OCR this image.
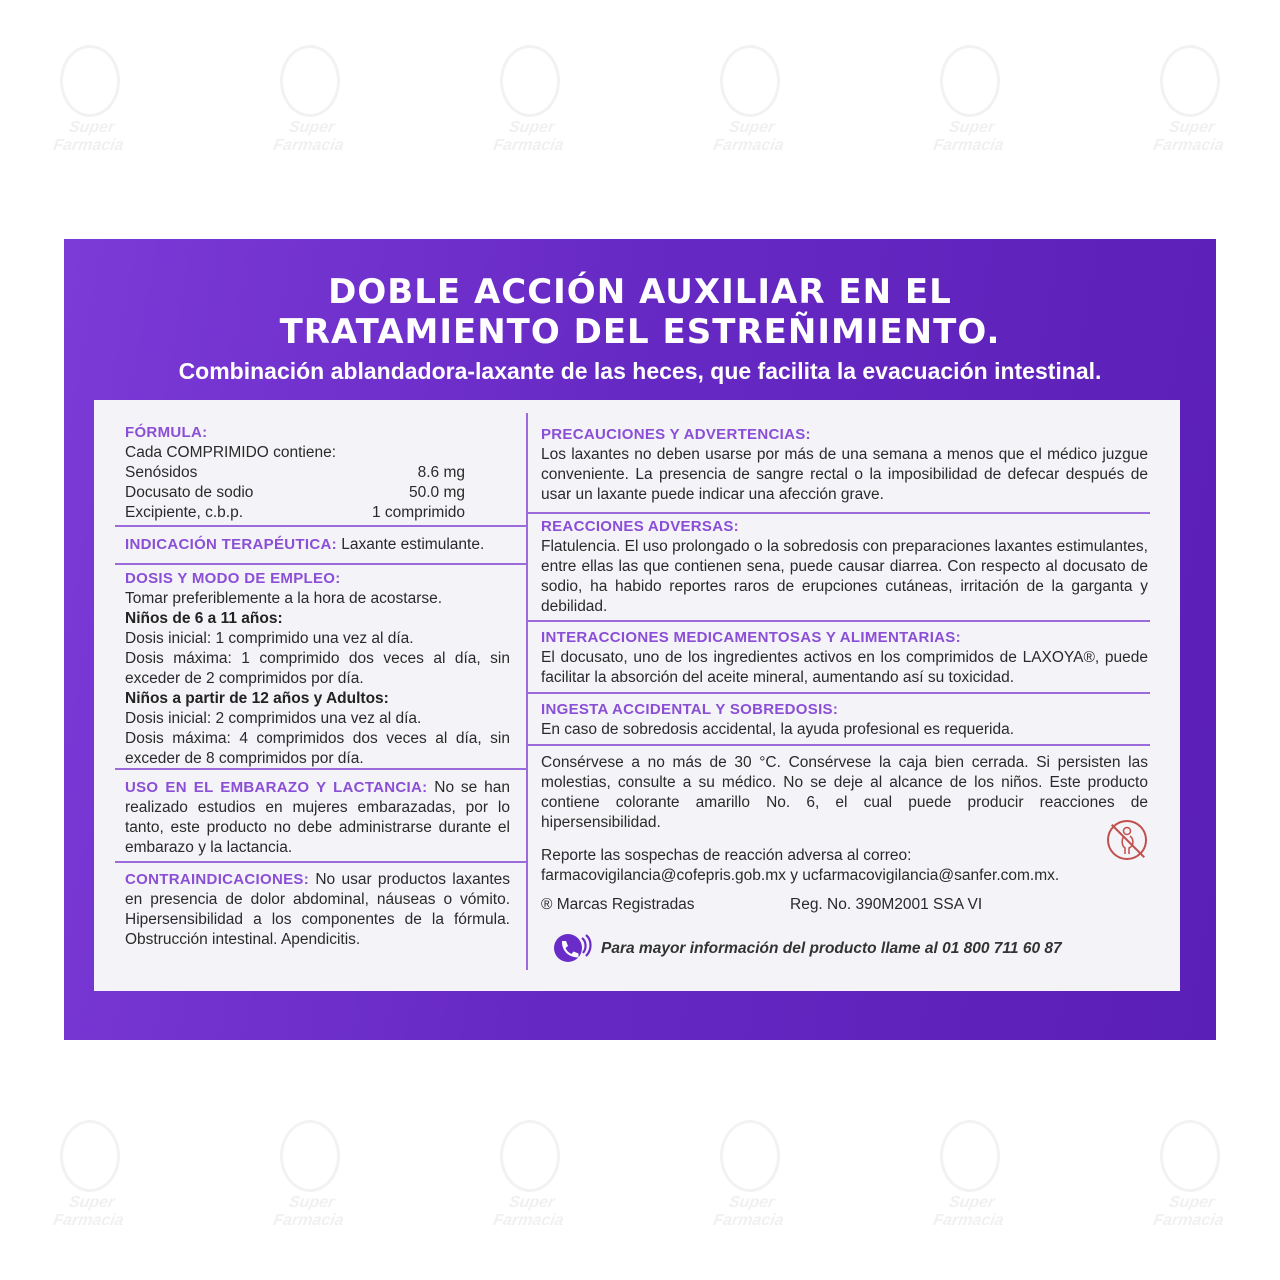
Super Farmacia
Super Farmacia
Super Farmacia
Super Farmacia
Super Farmacia
Super Farmacia
Super Farmacia
Super Farmacia
Super Farmacia
Super Farmacia
Super Farmacia
Super Farmacia
DOBLE ACCIÓN AUXILIAR EN EL
TRATAMIENTO DEL ESTREÑIMIENTO.
Combinación ablandadora-laxante de las heces, que facilita la evacuación intestinal.
FÓRMULA:
Cada COMPRIMIDO contiene:
Senósidos	8.6 mg
Docusato de sodio	50.0 mg
Excipiente, c.b.p.	1 comprimido
INDICACIÓN TERAPÉUTICA: Laxante estimulante.
DOSIS Y MODO DE EMPLEO:
Tomar preferiblemente a la hora de acostarse.
Niños de 6 a 11 años:
Dosis inicial: 1 comprimido una vez al día.
Dosis máxima: 1 comprimido dos veces al día, sin exceder de 2 comprimidos por día.
Niños a partir de 12 años y Adultos:
Dosis inicial: 2 comprimidos una vez al día.
Dosis máxima: 4 comprimidos dos veces al día, sin exceder de 8 comprimidos por día.
USO EN EL EMBARAZO Y LACTANCIA: No se han realizado estudios en mujeres embarazadas, por lo tanto, este producto no debe administrarse durante el embarazo y la lactancia.
CONTRAINDICACIONES: No usar productos laxantes en presencia de dolor abdominal, náuseas o vómito. Hipersensibilidad a los componentes de la fórmula. Obstrucción intestinal. Apendicitis.
PRECAUCIONES Y ADVERTENCIAS:
Los laxantes no deben usarse por más de una semana a menos que el médico juzgue conveniente. La presencia de sangre rectal o la imposibilidad de defecar después de usar un laxante puede indicar una afección grave.
REACCIONES ADVERSAS:
Flatulencia. El uso prolongado o la sobredosis con preparaciones laxantes estimulantes, entre ellas las que contienen sena, puede causar diarrea. Con respecto al docusato de sodio, ha habido reportes raros de erupciones cutáneas, irritación de la garganta y debilidad.
INTERACCIONES MEDICAMENTOSAS Y ALIMENTARIAS:
El docusato, uno de los ingredientes activos en los comprimidos de LAXOYA®, puede facilitar la absorción del aceite mineral, aumentando así su toxicidad.
INGESTA ACCIDENTAL Y SOBREDOSIS:
En caso de sobredosis accidental, la ayuda profesional es requerida.
Consérvese a no más de 30 °C. Consérvese la caja bien cerrada. Si persisten las molestias, consulte a su médico. No se deje al alcance de los niños. Este producto contiene colorante amarillo No. 6, el cual puede producir reacciones de hipersensibilidad.
Reporte las sospechas de reacción adversa al correo:
farmacovigilancia@cofepris.gob.mx y ucfarmacovigilancia@sanfer.com.mx.
® Marcas Registradas	Reg. No. 390M2001 SSA VI
Para mayor información del producto llame al 01 800 711 60 87
